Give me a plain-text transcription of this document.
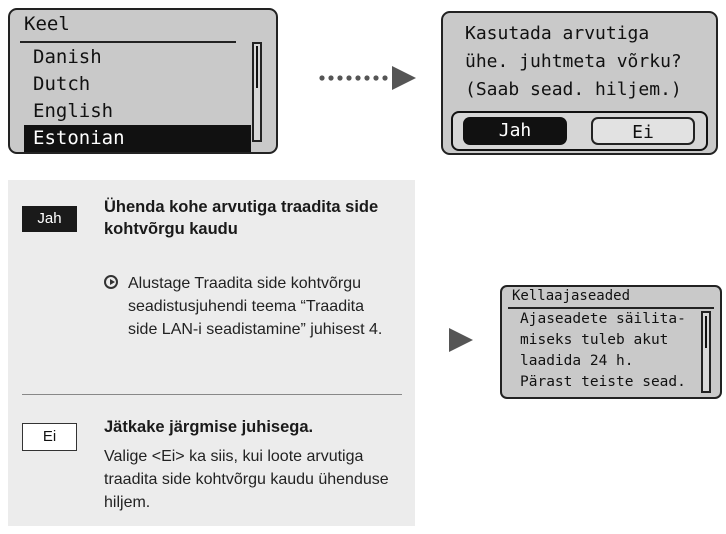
Keel
Danish
Dutch
English
Estonian
Kasutada arvutiga
ühe. juhtmeta võrku?
(Saab sead. hiljem.)
Jah	Ei
Jah
Ühenda kohe arvutiga traadita side kohtvõrgu kaudu
Alustage Traadita side kohtvõrgu seadistusjuhendi teema “Traadita side LAN-i seadistamine” juhisest 4.
Ei
Jätkake järgmise juhisega.
Valige <Ei> ka siis, kui loote arvutiga traadita side kohtvõrgu kaudu ühenduse hiljem.
Kellaajaseaded
Ajaseadete säilita-
miseks tuleb akut
laadida 24 h.
Pärast teiste sead.
